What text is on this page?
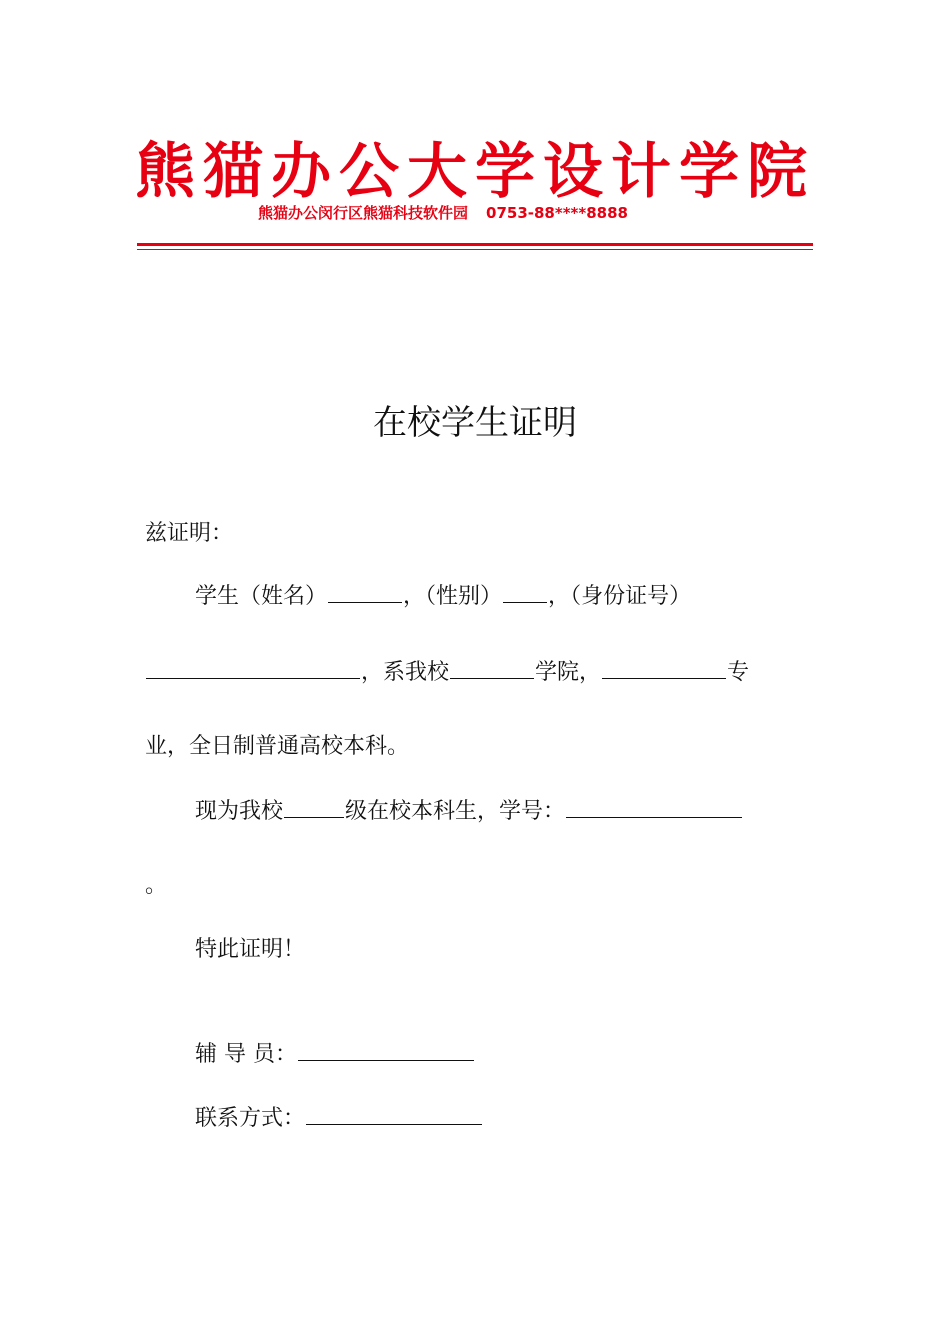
熊猫办公大学设计学院
熊猫办公闵行区熊猫科技软件园 0753-88****8888
在校学生证明
兹证明：
学生（姓名）	，（性别） ，（身份证号）
，系我校	学院，	专
业，全日制普通高校本科。
现为我校	级在校本科生，学号：
。
特此证明！
辅 导 员：
联系方式：
